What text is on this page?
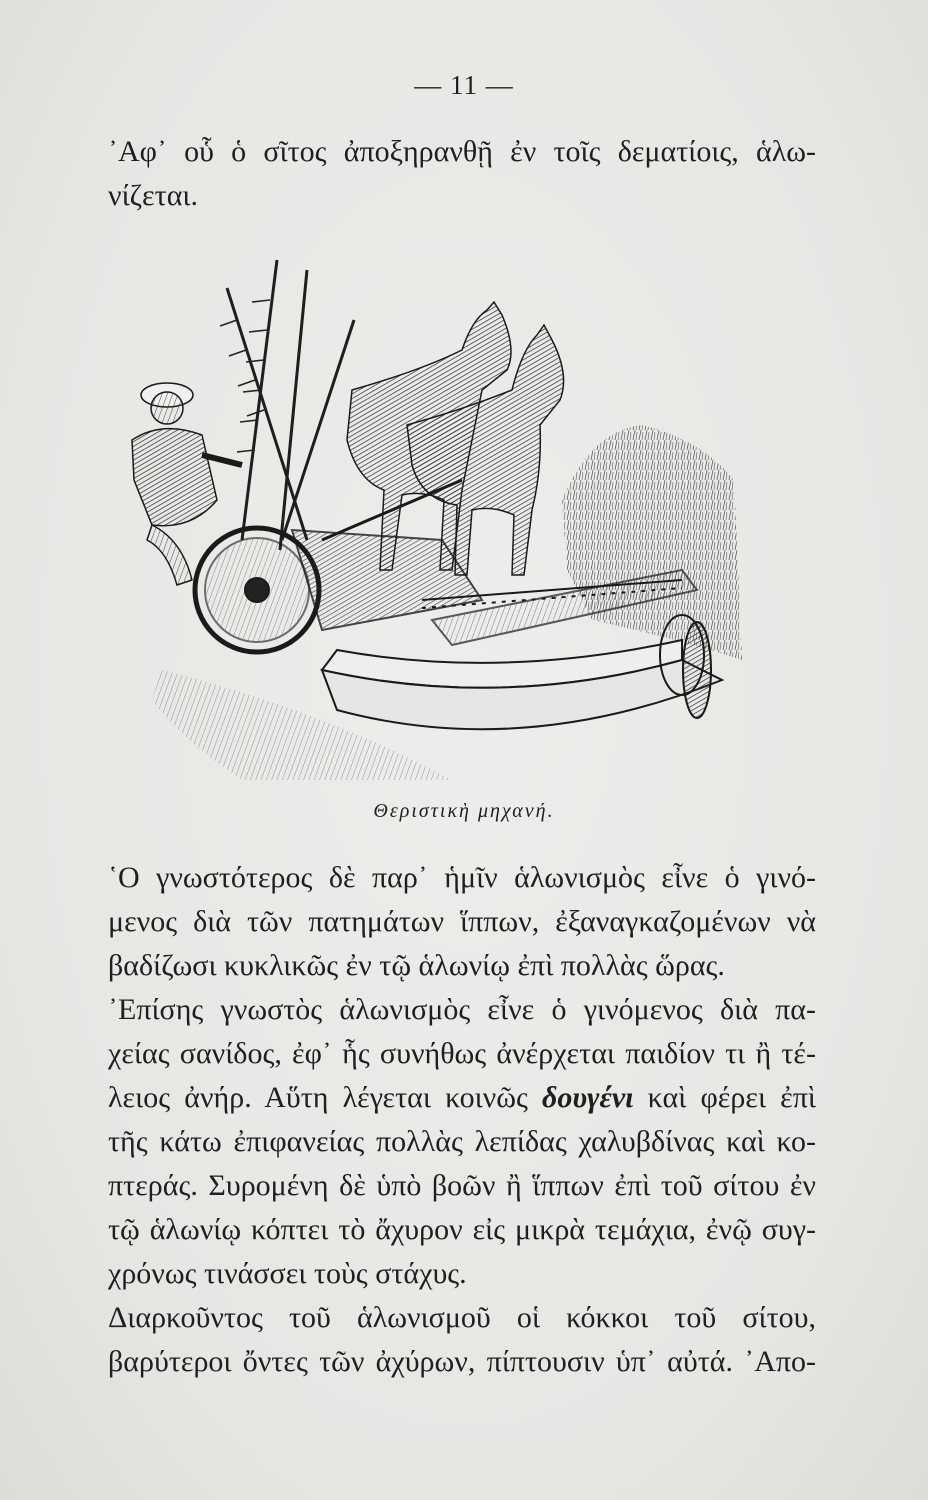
— 11 —
᾽Αφ᾽ οὗ ὁ σῖτος ἀποξηρανθῇ ἐν τοῖς δεματίοις, ἁλω-
νίζεται.
Θεριστικὴ μηχανή.
῾Ο γνωστότερος δὲ παρ᾽ ἡμῖν ἁλωνισμὸς εἶνε ὁ γινό-
μενος διὰ τῶν πατημάτων ἵππων, ἐξαναγκαζομένων νὰ
βαδίζωσι κυκλικῶς ἐν τῷ ἁλωνίῳ ἐπὶ πολλὰς ὥρας.
᾽Επίσης γνωστὸς ἁλωνισμὸς εἶνε ὁ γινόμενος διὰ πα-
χείας σανίδος, ἐφ᾽ ἧς συνήθως ἀνέρχεται παιδίον τι ἢ τέ-
λειος ἀνήρ. Αὕτη λέγεται κοινῶς δουγένι καὶ φέρει ἐπὶ
τῆς κάτω ἐπιφανείας πολλὰς λεπίδας χαλυβδίνας καὶ κο-
πτεράς. Συρομένη δὲ ὑπὸ βοῶν ἢ ἵππων ἐπὶ τοῦ σίτου ἐν
τῷ ἁλωνίῳ κόπτει τὸ ἄχυρον εἰς μικρὰ τεμάχια, ἐνῷ συγ-
χρόνως τινάσσει τοὺς στάχυς.
Διαρκοῦντος τοῦ ἁλωνισμοῦ οἱ κόκκοι τοῦ σίτου,
βαρύτεροι ὄντες τῶν ἀχύρων, πίπτουσιν ὑπ᾽ αὐτά. ᾽Απο-
